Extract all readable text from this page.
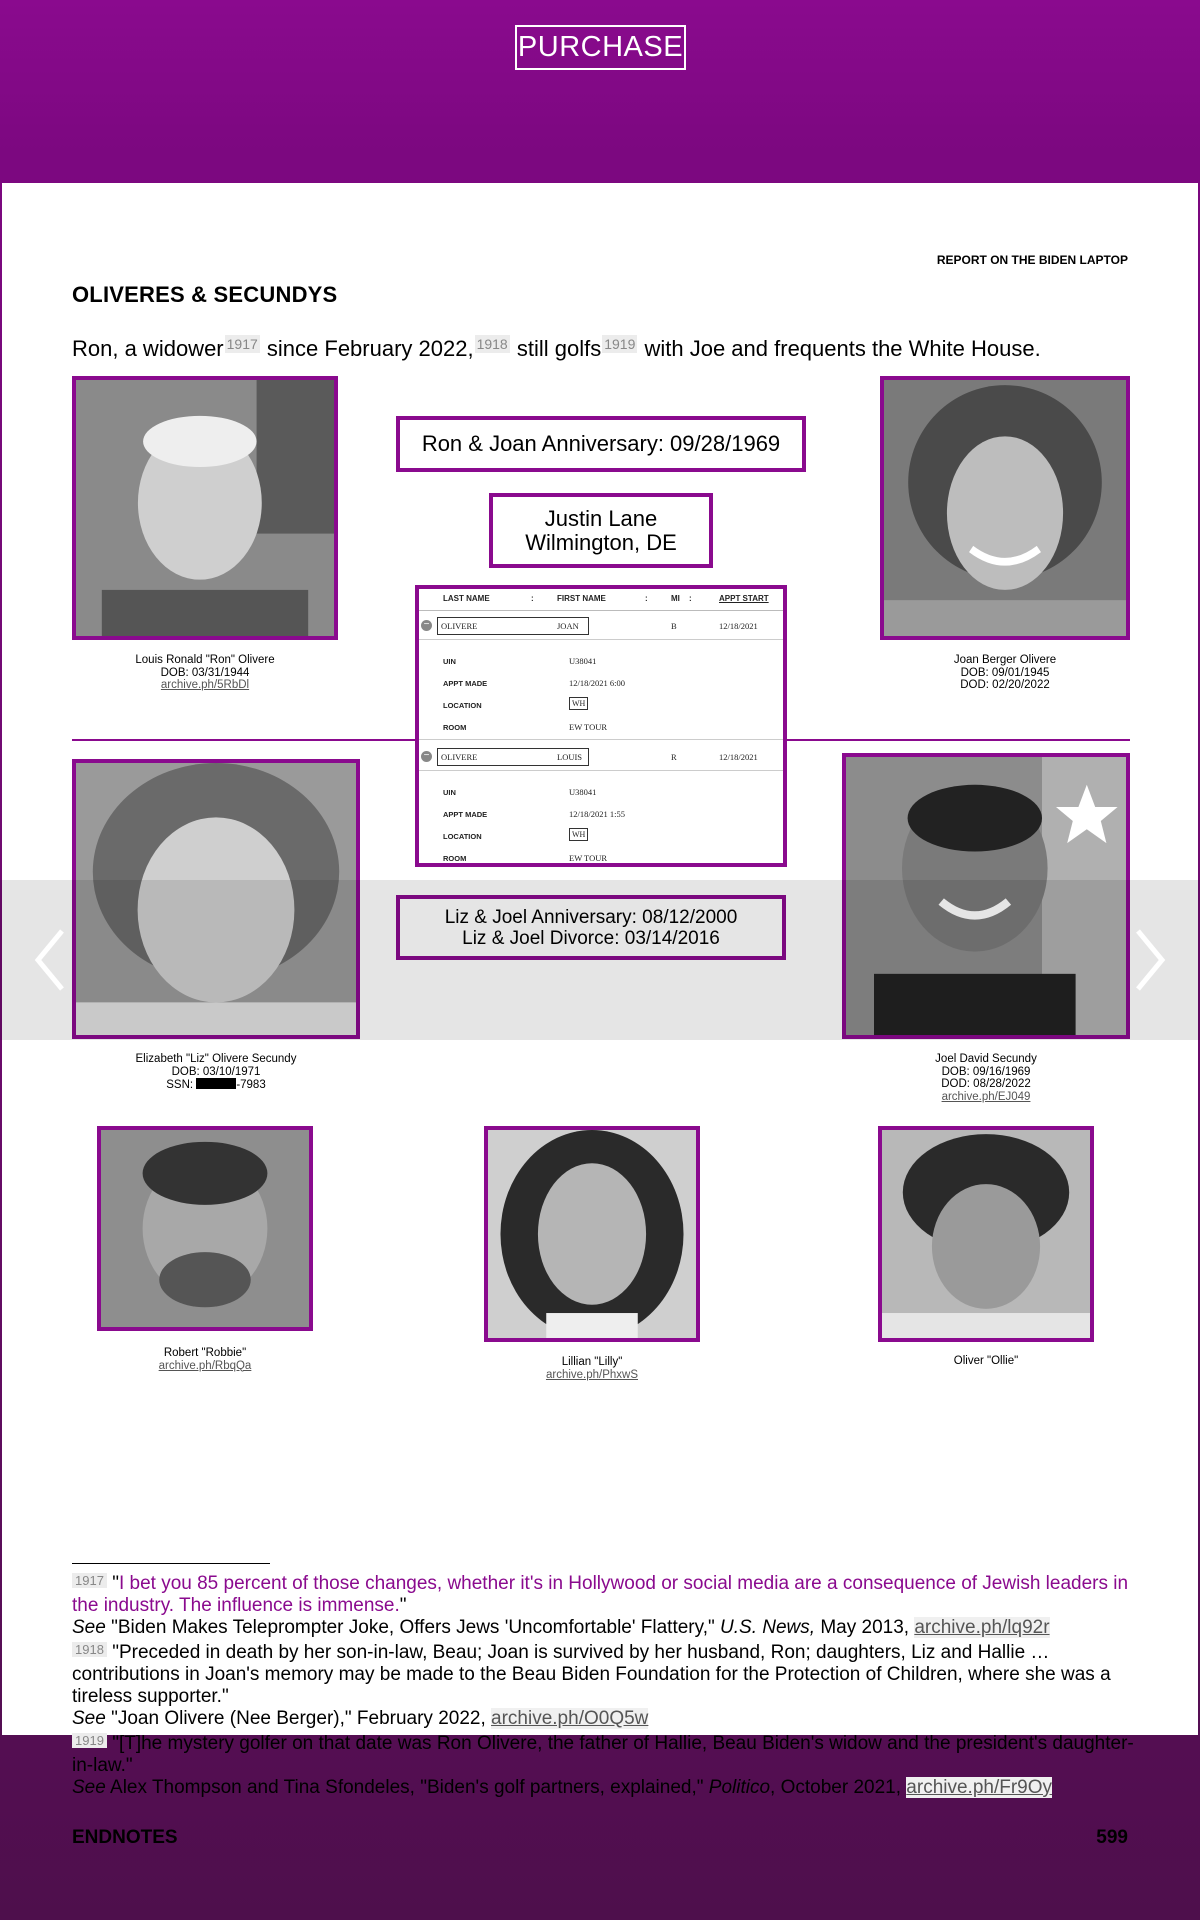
PURCHASE
REPORT ON THE BIDEN LAPTOP
OLIVERES & SECUNDYS
Ron, a widower 1917 since February 2022, 1918 still golfs 1919 with Joe and frequents the White House.
Louis Ronald "Ron" Olivere
DOB: 03/31/1944
archive.ph/5RbDl
Joan Berger Olivere
DOB: 09/01/1945
DOD: 02/20/2022
Ron & Joan Anniversary: 09/28/1969
Justin Lane
Wilmington, DE
LAST NAME	:	FIRST NAME	:	MI :	APPT START
−	OLIVERE	JOAN	B	12/18/2021
UIN	U38041
APPT MADE	12/18/2021 6:00
LOCATION	WH
ROOM	EW TOUR
−	OLIVERE	LOUIS	R	12/18/2021
UIN	U38041
APPT MADE	12/18/2021 1:55
LOCATION	WH
ROOM	EW TOUR
Elizabeth "Liz" Olivere Secundy
DOB: 03/10/1971
SSN:	-7983
Joel David Secundy
DOB: 09/16/1969
DOD: 08/28/2022
archive.ph/EJ049
Liz & Joel Anniversary: 08/12/2000
Liz & Joel Divorce: 03/14/2016
Robert "Robbie"
archive.ph/RbqQa	Lillian "Lilly"
archive.ph/PhxwS
Oliver "Ollie"

1917 "I bet you 85 percent of those changes, whether it's in Hollywood or social media are a consequence of Jewish leaders in the industry. The influence is immense."

See "Biden Makes Teleprompter Joke, Offers Jews 'Uncomfortable' Flattery," U.S. News, May 2013, archive.ph/lq92r

1918 "Preceded in death by her son-in-law, Beau; Joan is survived by her husband, Ron; daughters, Liz and Hallie … contributions in Joan's memory may be made to the Beau Biden Foundation for the Protection of Children, where she was a tireless supporter."

See "Joan Olivere (Nee Berger)," February 2022, archive.ph/O0Q5w

1919 "[T]he mystery golfer on that date was Ron Olivere, the father of Hallie, Beau Biden's widow and the president's daughter-in-law."

See Alex Thompson and Tina Sfondeles, "Biden's golf partners, explained," Politico, October 2021, archive.ph/Fr9Oy

ENDNOTES	599
